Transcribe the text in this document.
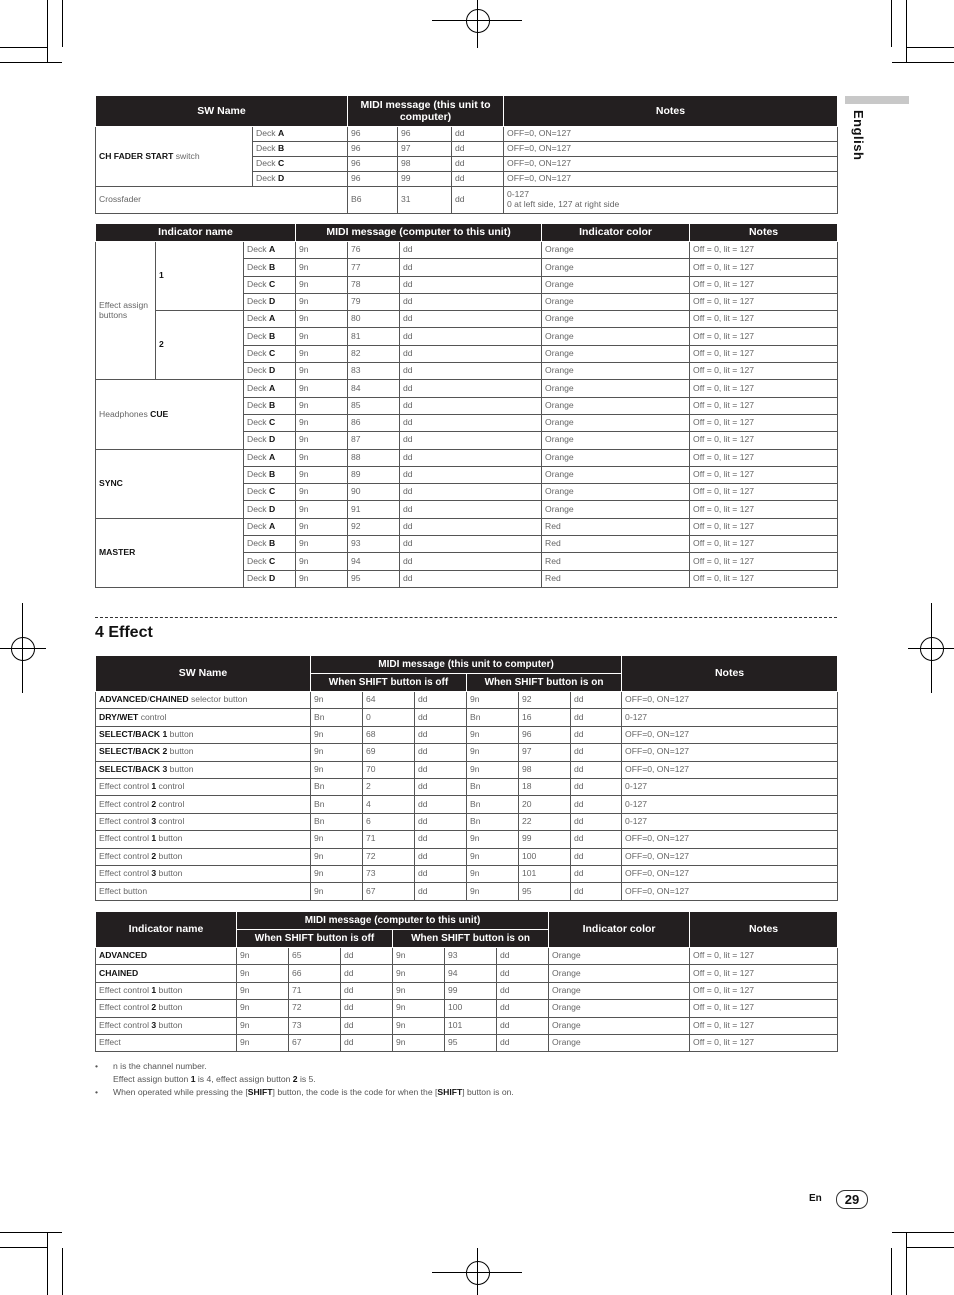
English
SW Name		MIDI message (this unit to computer)			Notes
CH FADER START switch	Deck A	96	96	dd	OFF=0, ON=127
	Deck B	96	97	dd	OFF=0, ON=127
	Deck C	96	98	dd	OFF=0, ON=127
	Deck D	96	99	dd	OFF=0, ON=127
Crossfader		B6	31	dd	0-127
0 at left side, 127 at right side
Indicator name			MIDI message (computer to this unit)			Indicator color	Notes
Effect assign buttons	1	Deck A	9n	76	dd	Orange	Off = 0, lit = 127
		Deck B	9n	77	dd	Orange	Off = 0, lit = 127
		Deck C	9n	78	dd	Orange	Off = 0, lit = 127
		Deck D	9n	79	dd	Orange	Off = 0, lit = 127
	2	Deck A	9n	80	dd	Orange	Off = 0, lit = 127
		Deck B	9n	81	dd	Orange	Off = 0, lit = 127
		Deck C	9n	82	dd	Orange	Off = 0, lit = 127
		Deck D	9n	83	dd	Orange	Off = 0, lit = 127
Headphones CUE		Deck A	9n	84	dd	Orange	Off = 0, lit = 127
		Deck B	9n	85	dd	Orange	Off = 0, lit = 127
		Deck C	9n	86	dd	Orange	Off = 0, lit = 127
		Deck D	9n	87	dd	Orange	Off = 0, lit = 127
SYNC		Deck A	9n	88	dd	Orange	Off = 0, lit = 127
		Deck B	9n	89	dd	Orange	Off = 0, lit = 127
		Deck C	9n	90	dd	Orange	Off = 0, lit = 127
		Deck D	9n	91	dd	Orange	Off = 0, lit = 127
MASTER		Deck A	9n	92	dd	Red	Off = 0, lit = 127
		Deck B	9n	93	dd	Red	Off = 0, lit = 127
		Deck C	9n	94	dd	Red	Off = 0, lit = 127
		Deck D	9n	95	dd	Red	Off = 0, lit = 127
4 Effect
SW Name	MIDI message (this unit to computer)						Notes
	When SHIFT button is off			When SHIFT button is on			
ADVANCED/CHAINED selector button	9n	64	dd	9n	92	dd	OFF=0, ON=127
DRY/WET control	Bn	0	dd	Bn	16	dd	0-127
SELECT/BACK 1 button	9n	68	dd	9n	96	dd	OFF=0, ON=127
SELECT/BACK 2 button	9n	69	dd	9n	97	dd	OFF=0, ON=127
SELECT/BACK 3 button	9n	70	dd	9n	98	dd	OFF=0, ON=127
Effect control 1 control	Bn	2	dd	Bn	18	dd	0-127
Effect control 2 control	Bn	4	dd	Bn	20	dd	0-127
Effect control 3 control	Bn	6	dd	Bn	22	dd	0-127
Effect control 1 button	9n	71	dd	9n	99	dd	OFF=0, ON=127
Effect control 2 button	9n	72	dd	9n	100	dd	OFF=0, ON=127
Effect control 3 button	9n	73	dd	9n	101	dd	OFF=0, ON=127
Effect button	9n	67	dd	9n	95	dd	OFF=0, ON=127
Indicator name	MIDI message (computer to this unit)						Indicator color	Notes
	When SHIFT button is off			When SHIFT button is on				
ADVANCED	9n	65	dd	9n	93	dd	Orange	Off = 0, lit = 127
CHAINED	9n	66	dd	9n	94	dd	Orange	Off = 0, lit = 127
Effect control 1 button	9n	71	dd	9n	99	dd	Orange	Off = 0, lit = 127
Effect control 2 button	9n	72	dd	9n	100	dd	Orange	Off = 0, lit = 127
Effect control 3 button	9n	73	dd	9n	101	dd	Orange	Off = 0, lit = 127
Effect	9n	67	dd	9n	95	dd	Orange	Off = 0, lit = 127
• n is the channel number.
Effect assign button 1 is 4, effect assign button 2 is 5.
• When operated while pressing the [SHIFT] button, the code is the code for when the [SHIFT] button is on.
En	29
